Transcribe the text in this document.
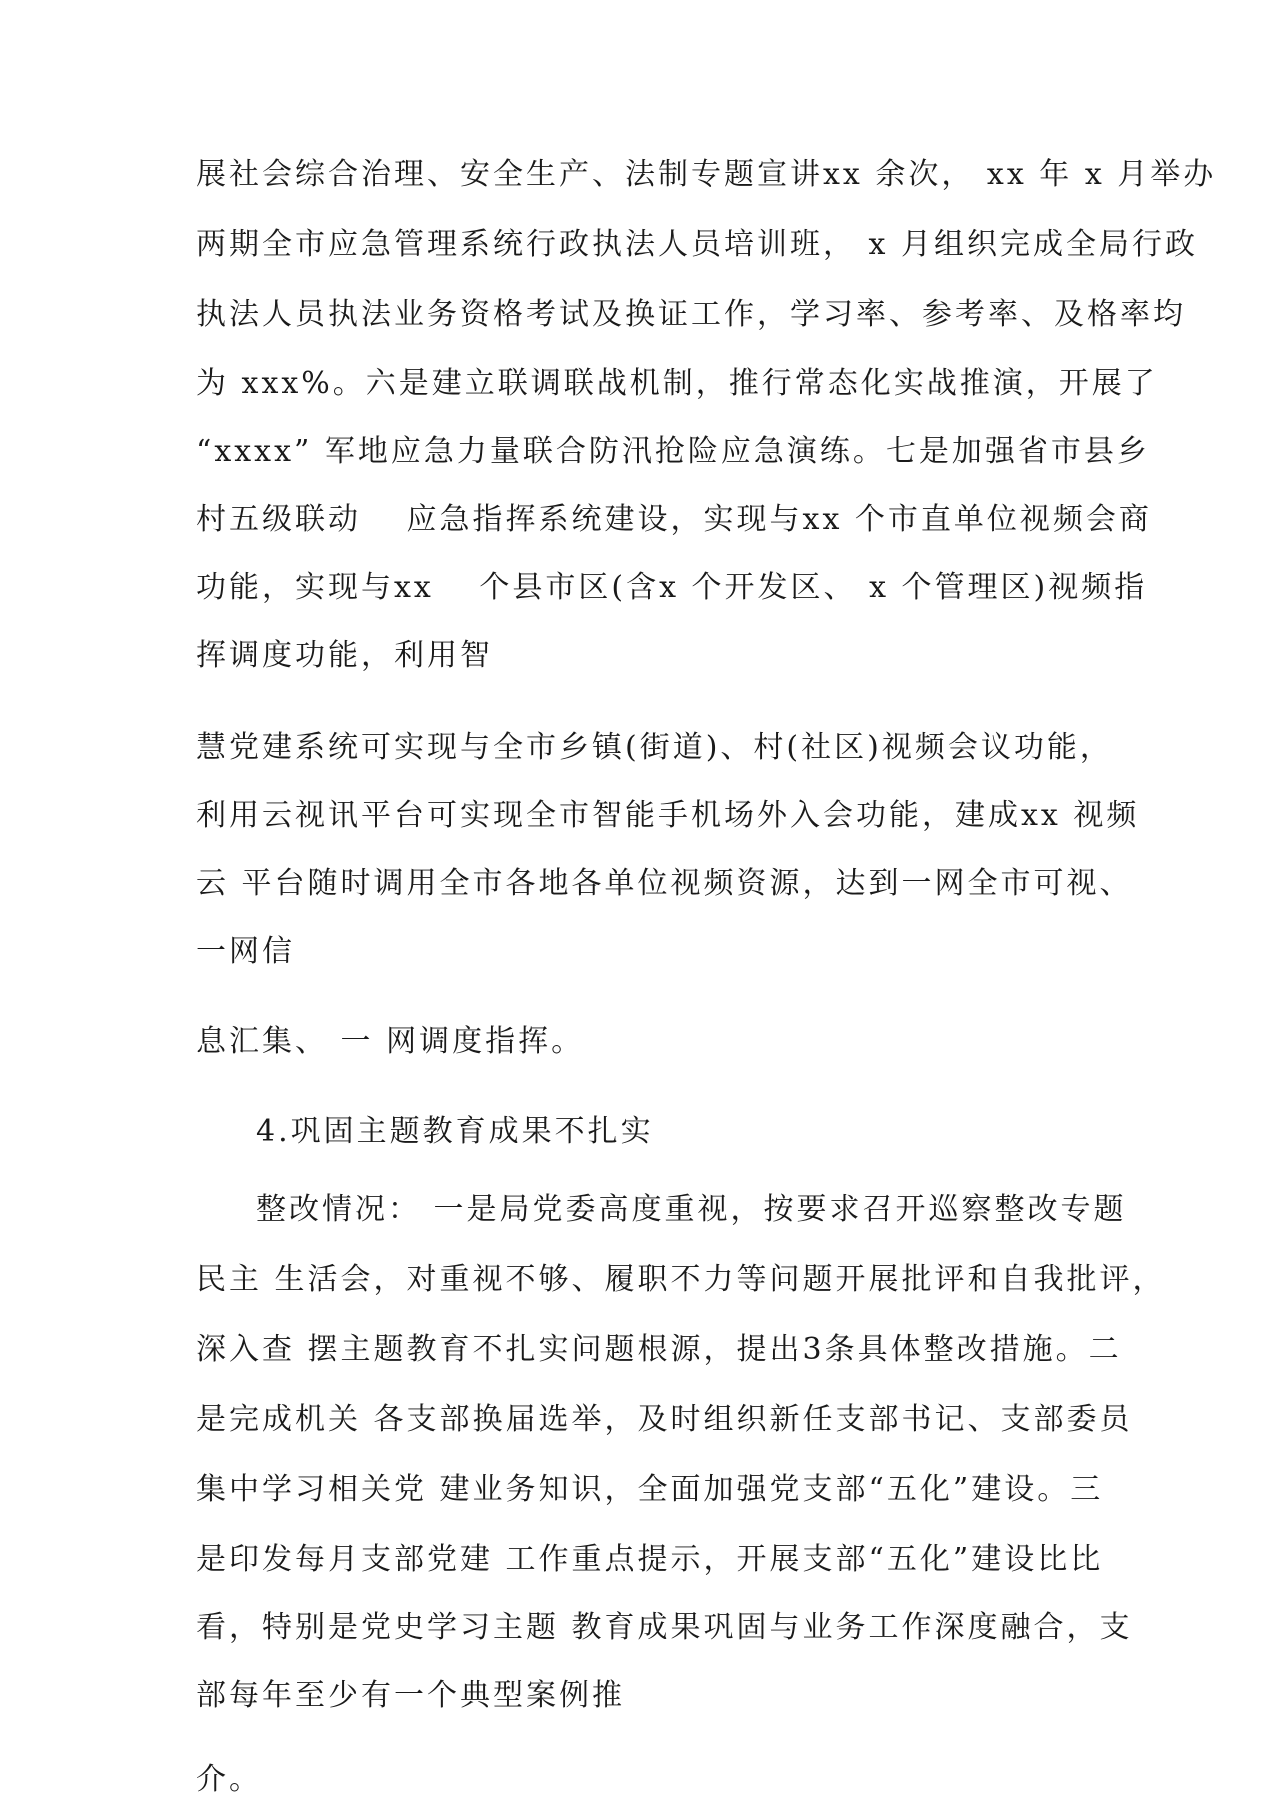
展社会综合治理、安全生产、法制专题宣讲xx 余次， xx 年 x 月举办
两期全市应急管理系统行政执法人员培训班， x 月组织完成全局行政
执法人员执法业务资格考试及换证工作，学习率、参考率、及格率均
为 xxx%。六是建立联调联战机制，推行常态化实战推演，开展了
“xxxx” 军地应急力量联合防汛抢险应急演练。七是加强省市县乡
村五级联动 　应急指挥系统建设，实现与xx 个市直单位视频会商
功能，实现与xx 　个县市区(含x 个开发区、 x 个管理区)视频指
挥调度功能，利用智
慧党建系统可实现与全市乡镇(街道)、村(社区)视频会议功能，
利用云视讯平台可实现全市智能手机场外入会功能，建成xx 视频
云 平台随时调用全市各地各单位视频资源，达到一网全市可视、
一网信
息汇集、 一 网调度指挥。
4.巩固主题教育成果不扎实
整改情况： 一是局党委高度重视，按要求召开巡察整改专题
民主 生活会，对重视不够、履职不力等问题开展批评和自我批评，
深入查 摆主题教育不扎实问题根源，提出3条具体整改措施。二
是完成机关 各支部换届选举，及时组织新任支部书记、支部委员
集中学习相关党 建业务知识，全面加强党支部“五化”建设。三
是印发每月支部党建 工作重点提示，开展支部“五化”建设比比
看，特别是党史学习主题 教育成果巩固与业务工作深度融合，支
部每年至少有一个典型案例推
介。
